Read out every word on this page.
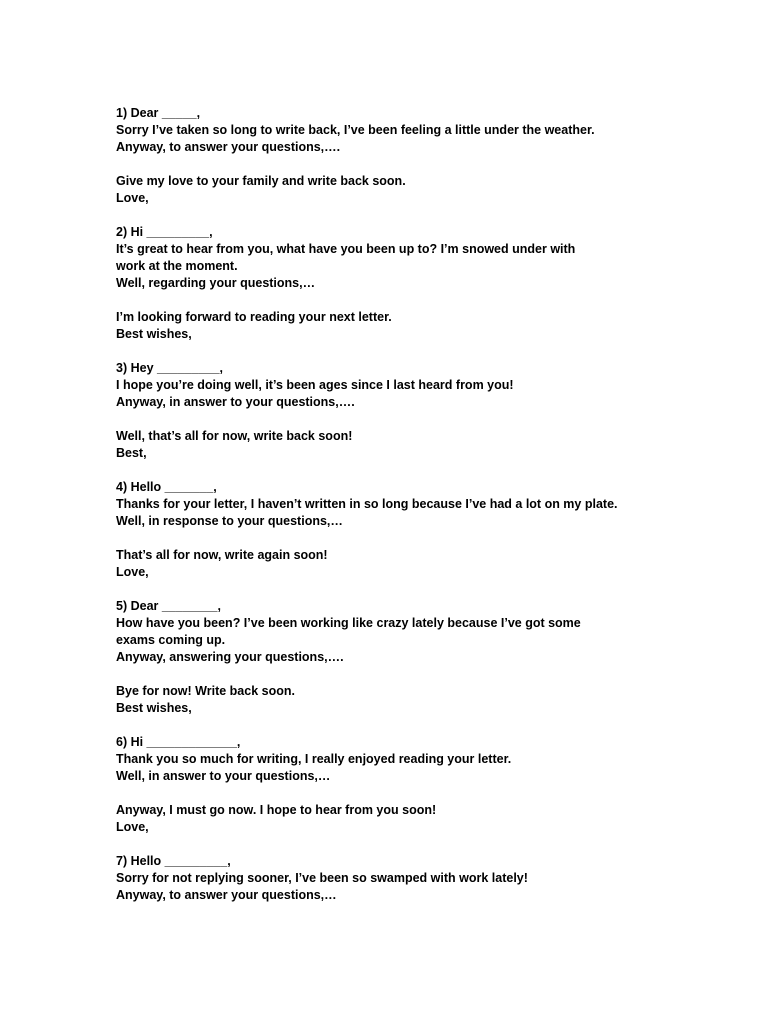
1) Dear _____,
Sorry I’ve taken so long to write back, I’ve been feeling a little under the weather.
Anyway, to answer your questions,….
Give my love to your family and write back soon.
Love,
2) Hi _________,
It’s great to hear from you, what have you been up to? I’m snowed under with
work at the moment.
Well, regarding your questions,…
I’m looking forward to reading your next letter.
Best wishes,
3) Hey _________,
I hope you’re doing well, it’s been ages since I last heard from you!
Anyway, in answer to your questions,….
Well, that’s all for now, write back soon!
Best,
4) Hello _______,
Thanks for your letter, I haven’t written in so long because I’ve had a lot on my plate.
Well, in response to your questions,…
That’s all for now, write again soon!
Love,
5) Dear ________,
How have you been? I’ve been working like crazy lately because I’ve got some
exams coming up.
Anyway, answering your questions,….
Bye for now! Write back soon.
Best wishes,
6) Hi _____________,
Thank you so much for writing, I really enjoyed reading your letter.
Well, in answer to your questions,…
Anyway, I must go now. I hope to hear from you soon!
Love,
7) Hello _________,
Sorry for not replying sooner, I’ve been so swamped with work lately!
Anyway, to answer your questions,…
